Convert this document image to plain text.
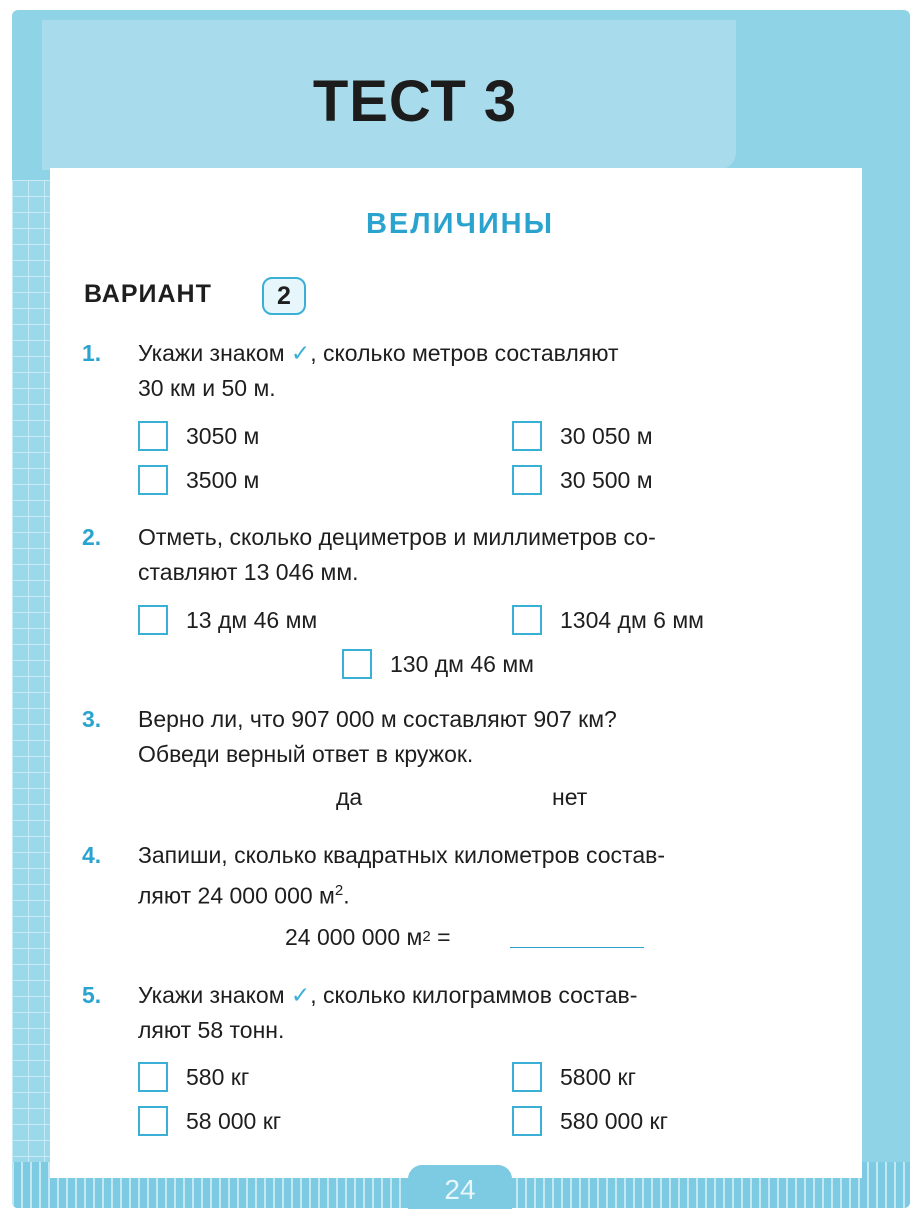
ТЕСТ 3
ВЕЛИЧИНЫ
ВАРИАНТ	2
1. Укажи знаком ✓, сколько метров составляют
30 км и 50 м.
3050 м	30 050 м
3500 м	30 500 м
2. Отметь, сколько дециметров и миллиметров со-
ставляют 13 046 мм.
13 дм 46 мм	1304 дм 6 мм
130 дм 46 мм
3. Верно ли, что 907 000 м составляют 907 км?
Обведи верный ответ в кружок.
да	нет
4. Запиши, сколько квадратных километров состав-
ляют 24 000 000 $м^2$.
24 000 000 м 2
=
5. Укажи знаком ✓, сколько килограммов состав-
ляют 58 тонн.
580 кг	5800 кг
58 000 кг	580 000 кг
24
